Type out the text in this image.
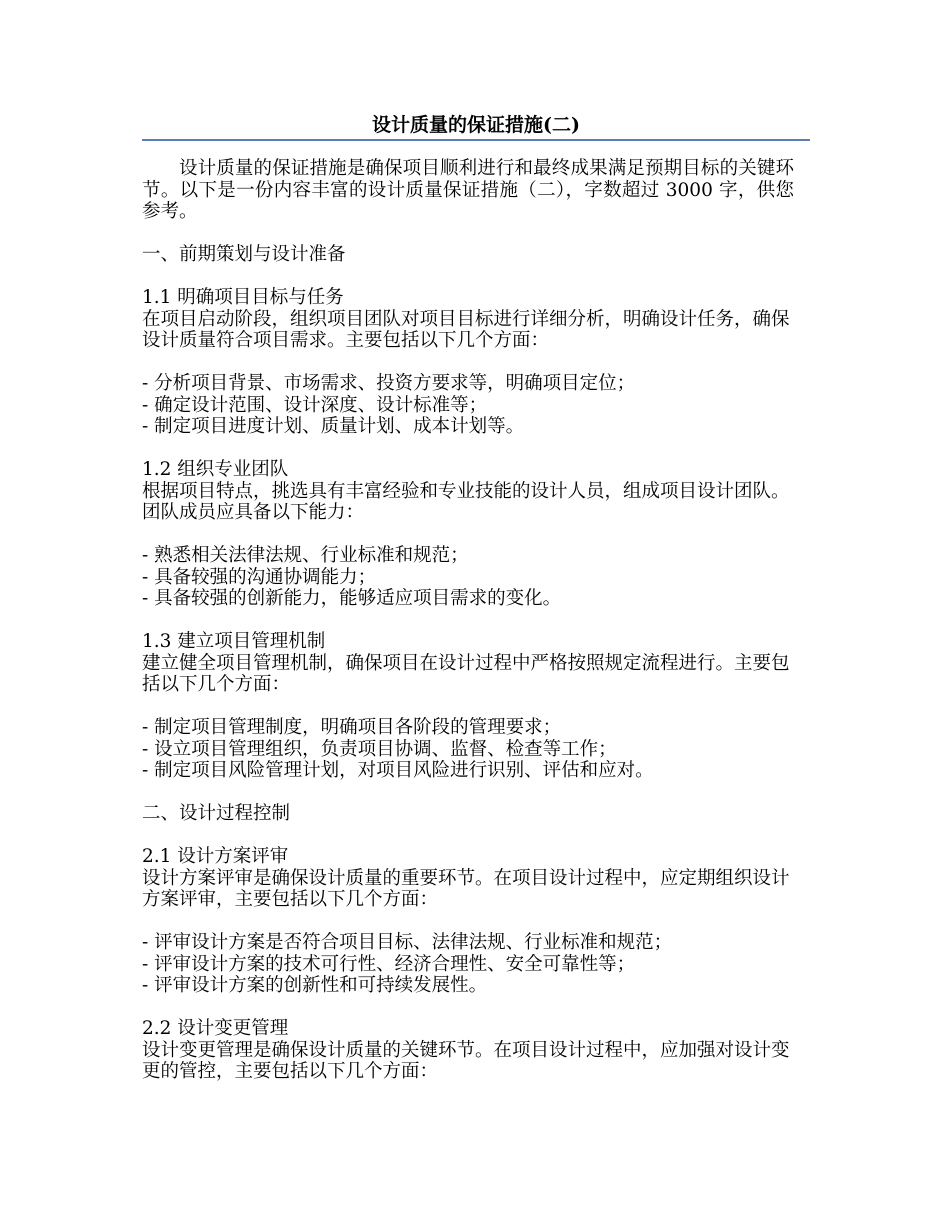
设计质量的保证措施(二)

设计质量的保证措施是确保项目顺利进行和最终成果满足预期目标的关键环节。以下是一份内容丰富的设计质量保证措施（二），字数超过 3000 字，供您参考。

一、前期策划与设计准备

1.1 明确项目目标与任务

在项目启动阶段，组织项目团队对项目目标进行详细分析，明确设计任务，确保设计质量符合项目需求。主要包括以下几个方面：

- 分析项目背景、市场需求、投资方要求等，明确项目定位；

- 确定设计范围、设计深度、设计标准等；

- 制定项目进度计划、质量计划、成本计划等。

1.2 组织专业团队

根据项目特点，挑选具有丰富经验和专业技能的设计人员，组成项目设计团队。团队成员应具备以下能力：

- 熟悉相关法律法规、行业标准和规范；

- 具备较强的沟通协调能力；

- 具备较强的创新能力，能够适应项目需求的变化。

1.3 建立项目管理机制

建立健全项目管理机制，确保项目在设计过程中严格按照规定流程进行。主要包括以下几个方面：

- 制定项目管理制度，明确项目各阶段的管理要求；

- 设立项目管理组织，负责项目协调、监督、检查等工作；

- 制定项目风险管理计划，对项目风险进行识别、评估和应对。

二、设计过程控制

2.1 设计方案评审

设计方案评审是确保设计质量的重要环节。在项目设计过程中，应定期组织设计方案评审，主要包括以下几个方面：

- 评审设计方案是否符合项目目标、法律法规、行业标准和规范；

- 评审设计方案的技术可行性、经济合理性、安全可靠性等；

- 评审设计方案的创新性和可持续发展性。

2.2 设计变更管理

设计变更管理是确保设计质量的关键环节。在项目设计过程中，应加强对设计变更的管控，主要包括以下几个方面：
